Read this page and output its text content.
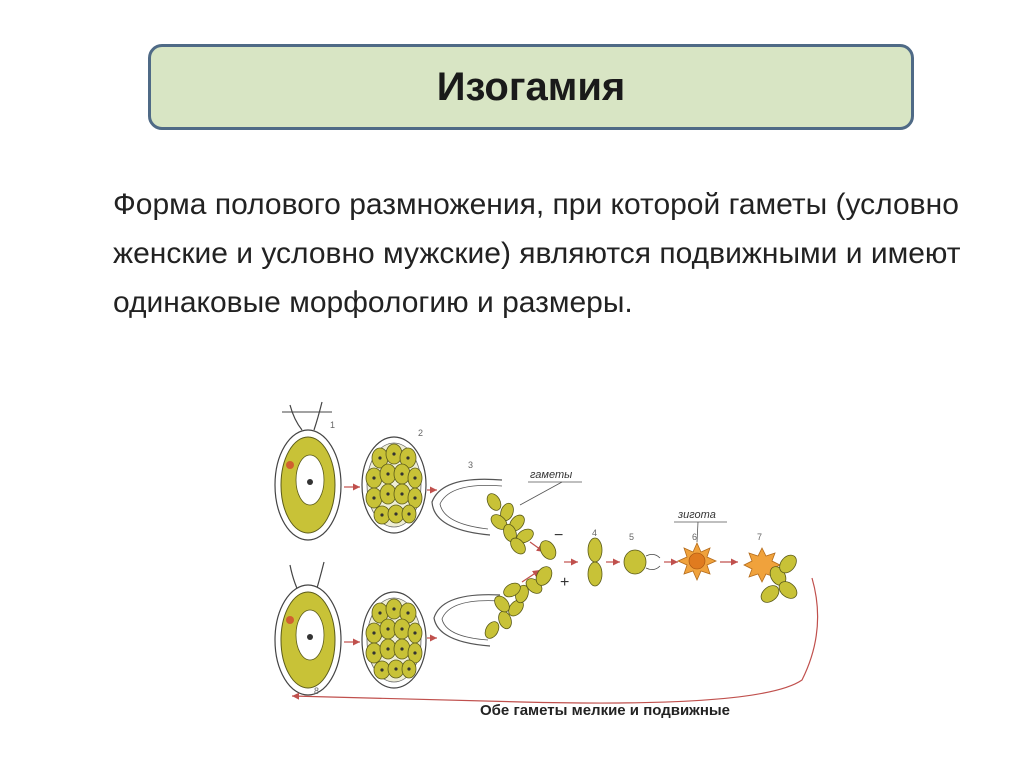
Изогамия
Форма полового размножения, при которой гаметы (условно женские и условно мужские) являются подвижными и имеют одинаковые морфологию и размеры.
гаметы
−
+
зигота
1
2
3
4	5	6	7
8
Обе гаметы мелкие и подвижные
